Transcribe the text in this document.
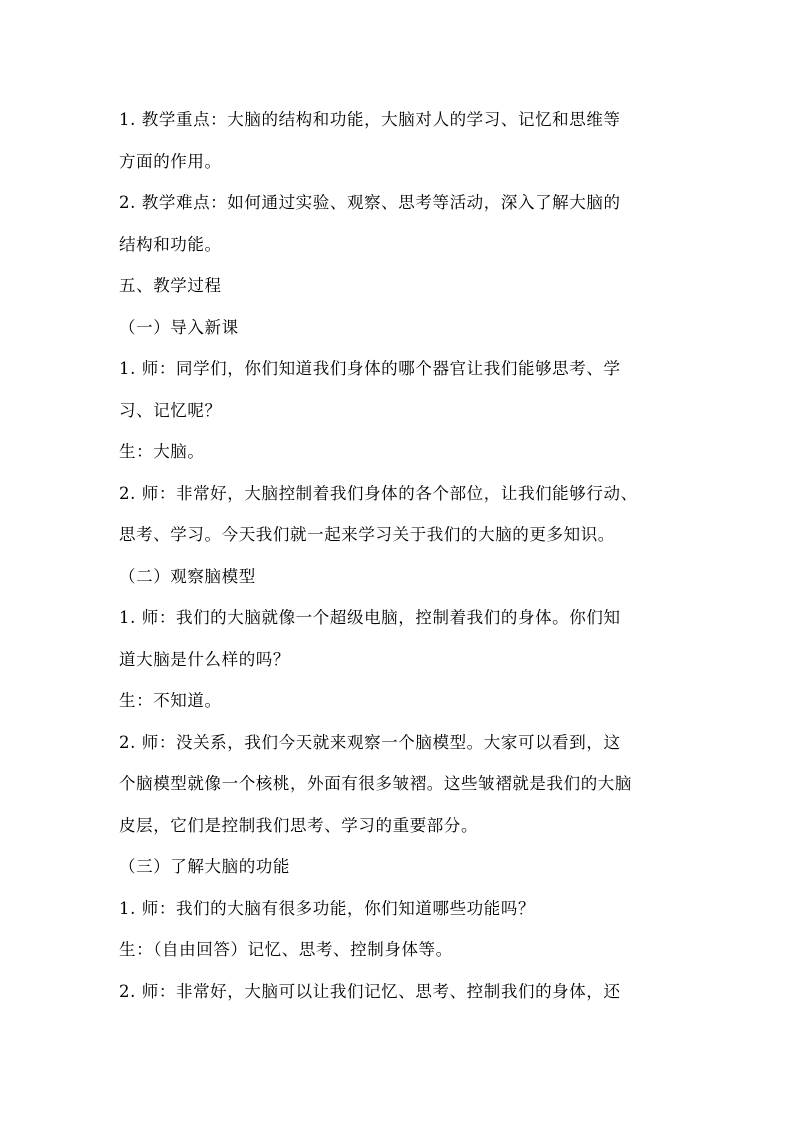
1. 教学重点：大脑的结构和功能，大脑对人的学习、记忆和思维等
方面的作用。
2. 教学难点：如何通过实验、观察、思考等活动，深入了解大脑的
结构和功能。
五、教学过程
（一）导入新课
1. 师：同学们，你们知道我们身体的哪个器官让我们能够思考、学
习、记忆呢？
生：大脑。
2. 师：非常好，大脑控制着我们身体的各个部位，让我们能够行动、
思考、学习。今天我们就一起来学习关于我们的大脑的更多知识。
（二）观察脑模型
1. 师：我们的大脑就像一个超级电脑，控制着我们的身体。你们知
道大脑是什么样的吗？
生：不知道。
2. 师：没关系，我们今天就来观察一个脑模型。大家可以看到，这
个脑模型就像一个核桃，外面有很多皱褶。这些皱褶就是我们的大脑
皮层，它们是控制我们思考、学习的重要部分。
（三）了解大脑的功能
1. 师：我们的大脑有很多功能，你们知道哪些功能吗？
生：（自由回答）记忆、思考、控制身体等。
2. 师：非常好，大脑可以让我们记忆、思考、控制我们的身体，还
